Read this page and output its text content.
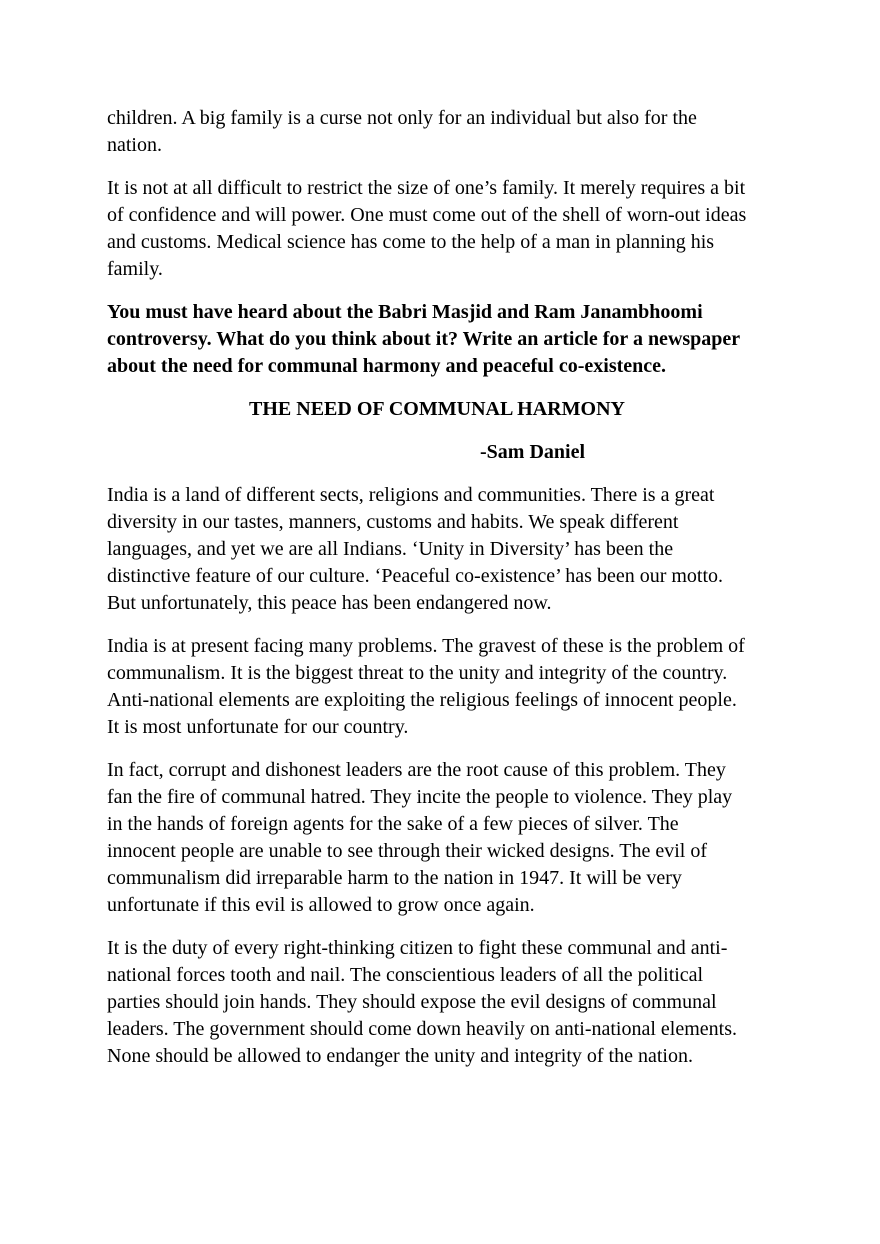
children. A big family is a curse not only for an individual but also for the
nation.
It is not at all difficult to restrict the size of one’s family. It merely requires a bit
of confidence and will power. One must come out of the shell of worn-out ideas
and customs. Medical science has come to the help of a man in planning his
family.
You must have heard about the Babri Masjid and Ram Janambhoomi
controversy. What do you think about it? Write an article for a newspaper
about the need for communal harmony and peaceful co-existence.
THE NEED OF COMMUNAL HARMONY
-Sam Daniel
India is a land of different sects, religions and communities. There is a great
diversity in our tastes, manners, customs and habits. We speak different
languages, and yet we are all Indians. ‘Unity in Diversity’ has been the
distinctive feature of our culture. ‘Peaceful co-existence’ has been our motto.
But unfortunately, this peace has been endangered now.
India is at present facing many problems. The gravest of these is the problem of
communalism. It is the biggest threat to the unity and integrity of the country.
Anti-national elements are exploiting the religious feelings of innocent people.
It is most unfortunate for our country.
In fact, corrupt and dishonest leaders are the root cause of this problem. They
fan the fire of communal hatred. They incite the people to violence. They play
in the hands of foreign agents for the sake of a few pieces of silver. The
innocent people are unable to see through their wicked designs. The evil of
communalism did irreparable harm to the nation in 1947. It will be very
unfortunate if this evil is allowed to grow once again.
It is the duty of every right-thinking citizen to fight these communal and anti-
national forces tooth and nail. The conscientious leaders of all the political
parties should join hands. They should expose the evil designs of communal
leaders. The government should come down heavily on anti-national elements.
None should be allowed to endanger the unity and integrity of the nation.
